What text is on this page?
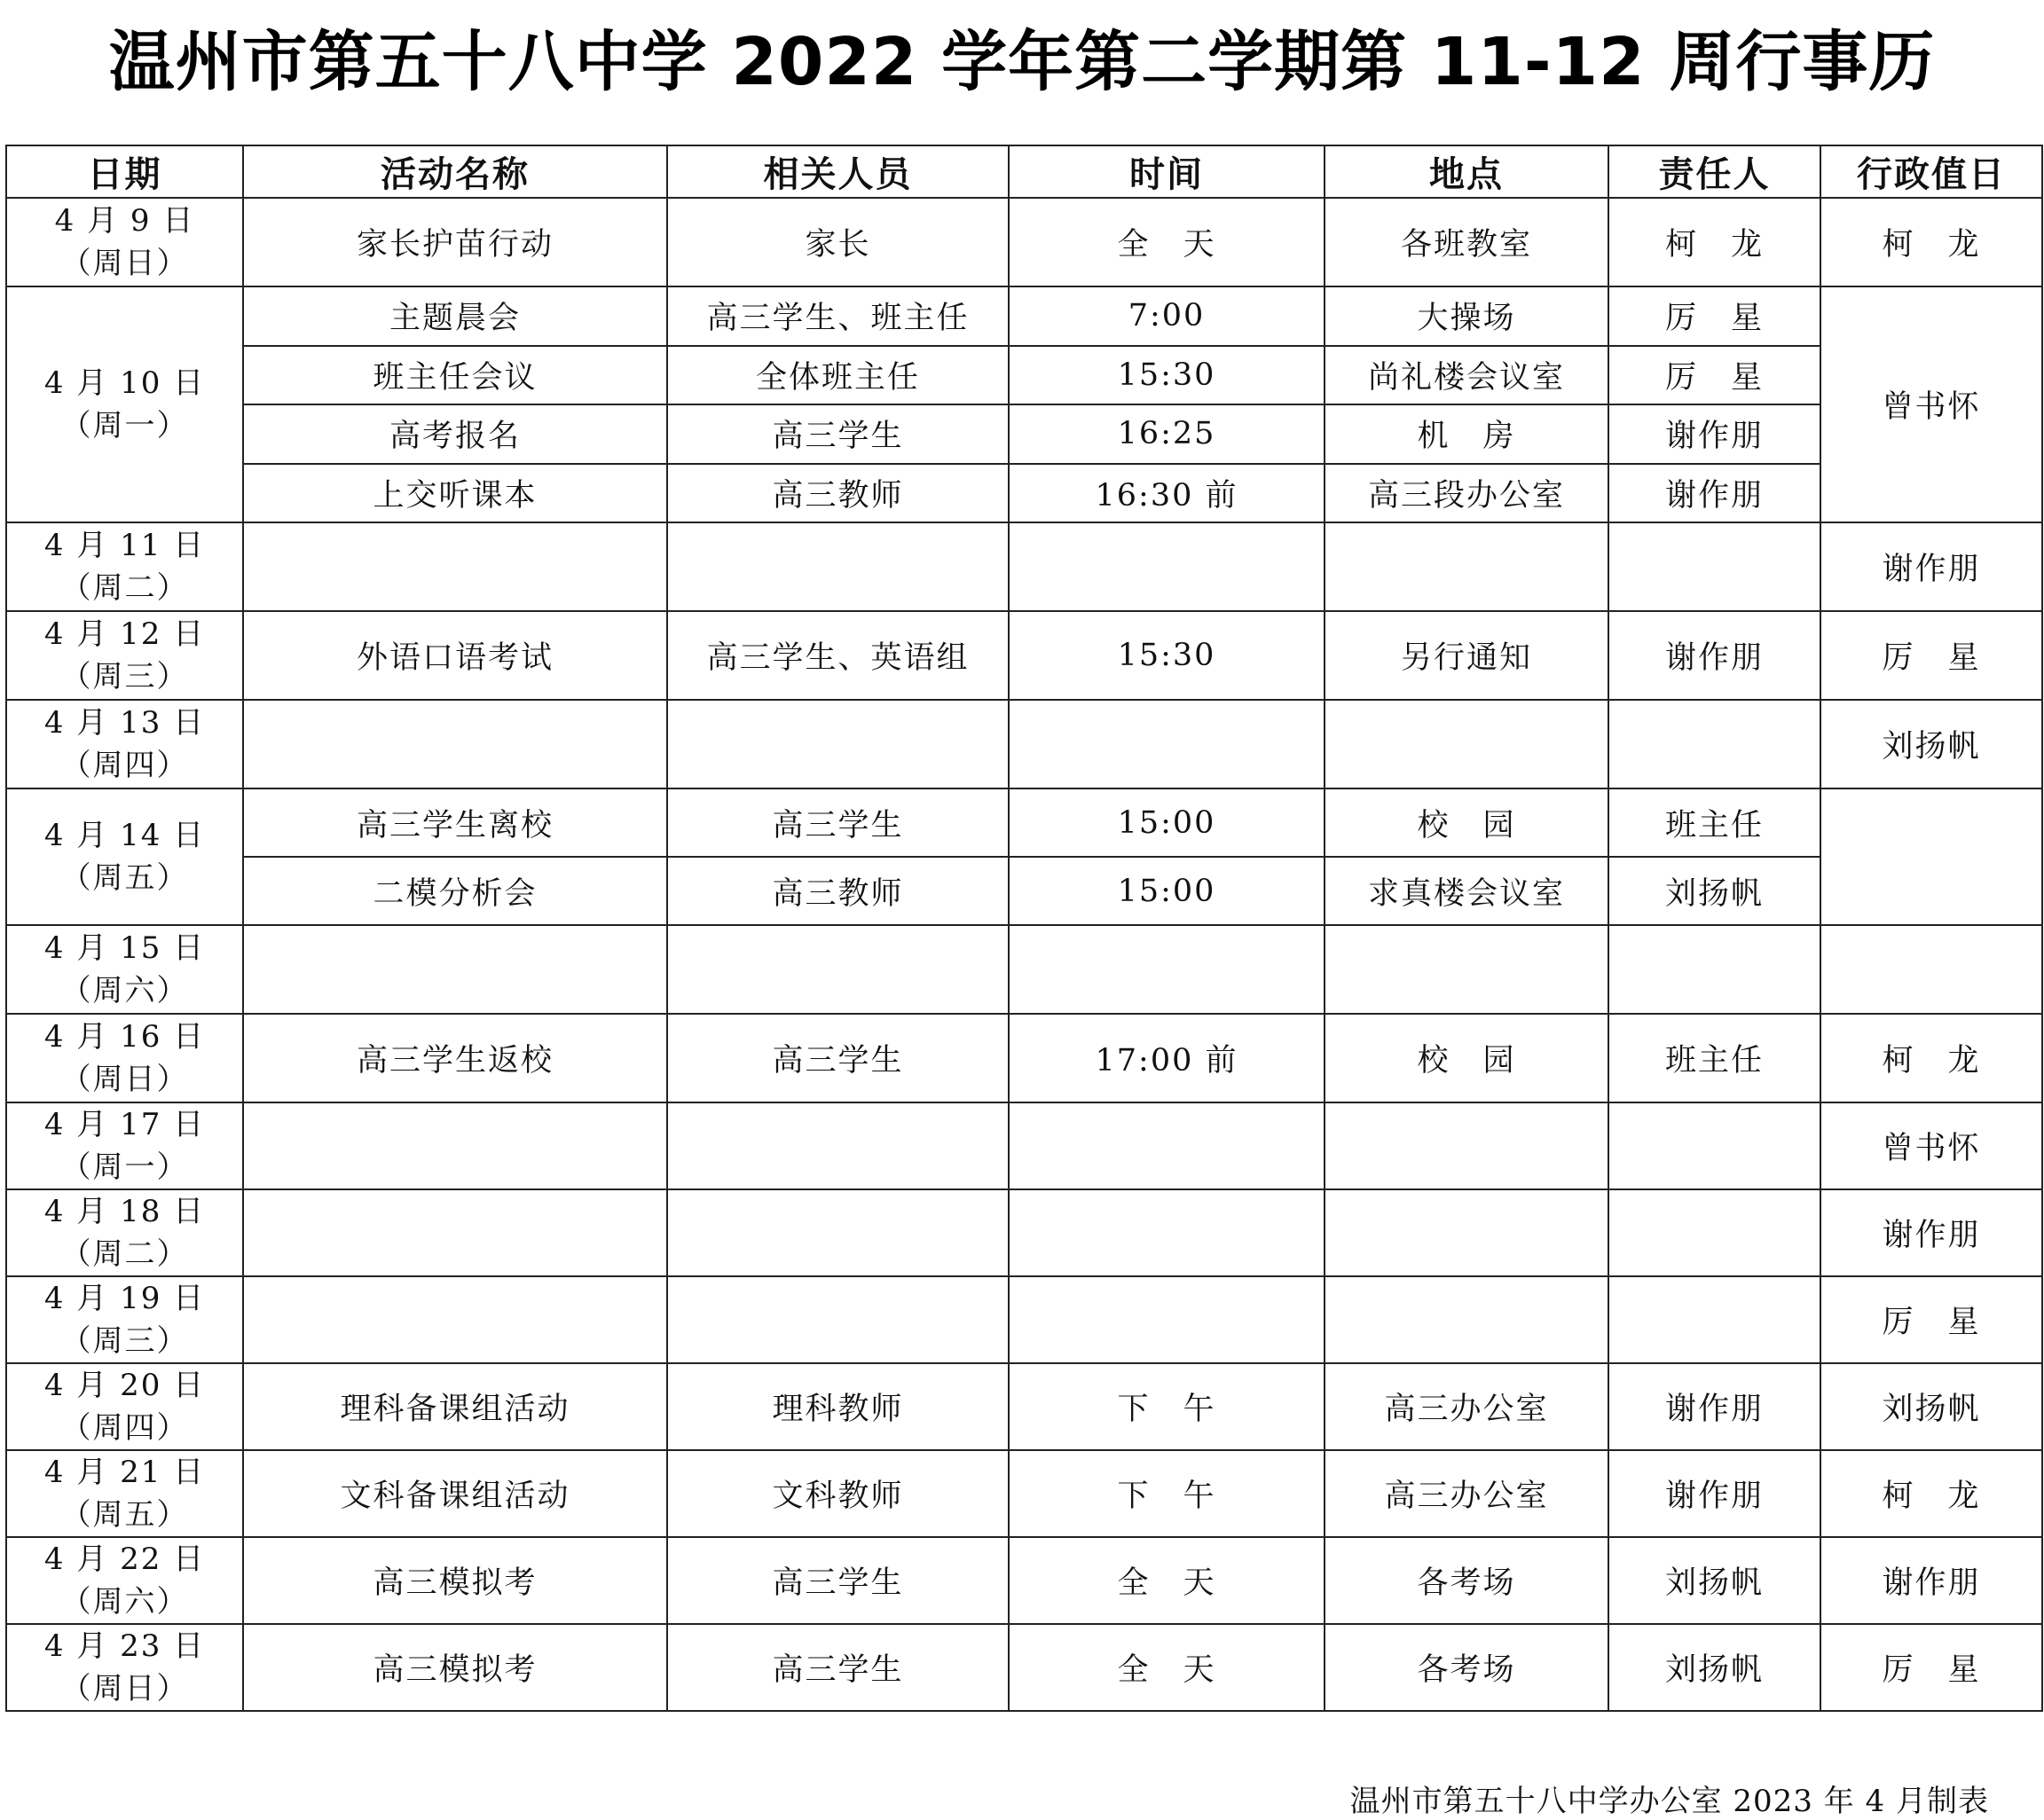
温州市第五十八中学 2022 学年第二学期第 11-12 周行事历
日期	活动名称	相关人员	时间	地点	责任人	行政值日

4 月 9 日
（周日）	家长护苗行动	家长	全　天	各班教室	柯　龙	柯　龙

4 月 10 日
（周一）	主题晨会	高三学生、班主任	7:00	大操场	厉　星	曾书怀
	班主任会议	全体班主任	15:30	尚礼楼会议室	厉　星	
	高考报名	高三学生	16:25	机　房	谢作朋	
	上交听课本	高三教师	16:30 前	高三段办公室	谢作朋	

4 月 11 日
（周二）						谢作朋

4 月 12 日
（周三）	外语口语考试	高三学生、英语组	15:30	另行通知	谢作朋	厉　星

4 月 13 日
（周四）						刘扬帆

4 月 14 日
（周五）	高三学生离校	高三学生	15:00	校　园	班主任	
	二模分析会	高三教师	15:00	求真楼会议室	刘扬帆	

4 月 15 日
（周六）						

4 月 16 日
（周日）	高三学生返校	高三学生	17:00 前	校　园	班主任	柯　龙

4 月 17 日
（周一）						曾书怀

4 月 18 日
（周二）						谢作朋

4 月 19 日
（周三）						厉　星

4 月 20 日
（周四）	理科备课组活动	理科教师	下　午	高三办公室	谢作朋	刘扬帆

4 月 21 日
（周五）	文科备课组活动	文科教师	下　午	高三办公室	谢作朋	柯　龙

4 月 22 日
（周六）	高三模拟考	高三学生	全　天	各考场	刘扬帆	谢作朋

4 月 23 日
（周日）	高三模拟考	高三学生	全　天	各考场	刘扬帆	厉　星
温州市第五十八中学办公室 2023 年 4 月制表
